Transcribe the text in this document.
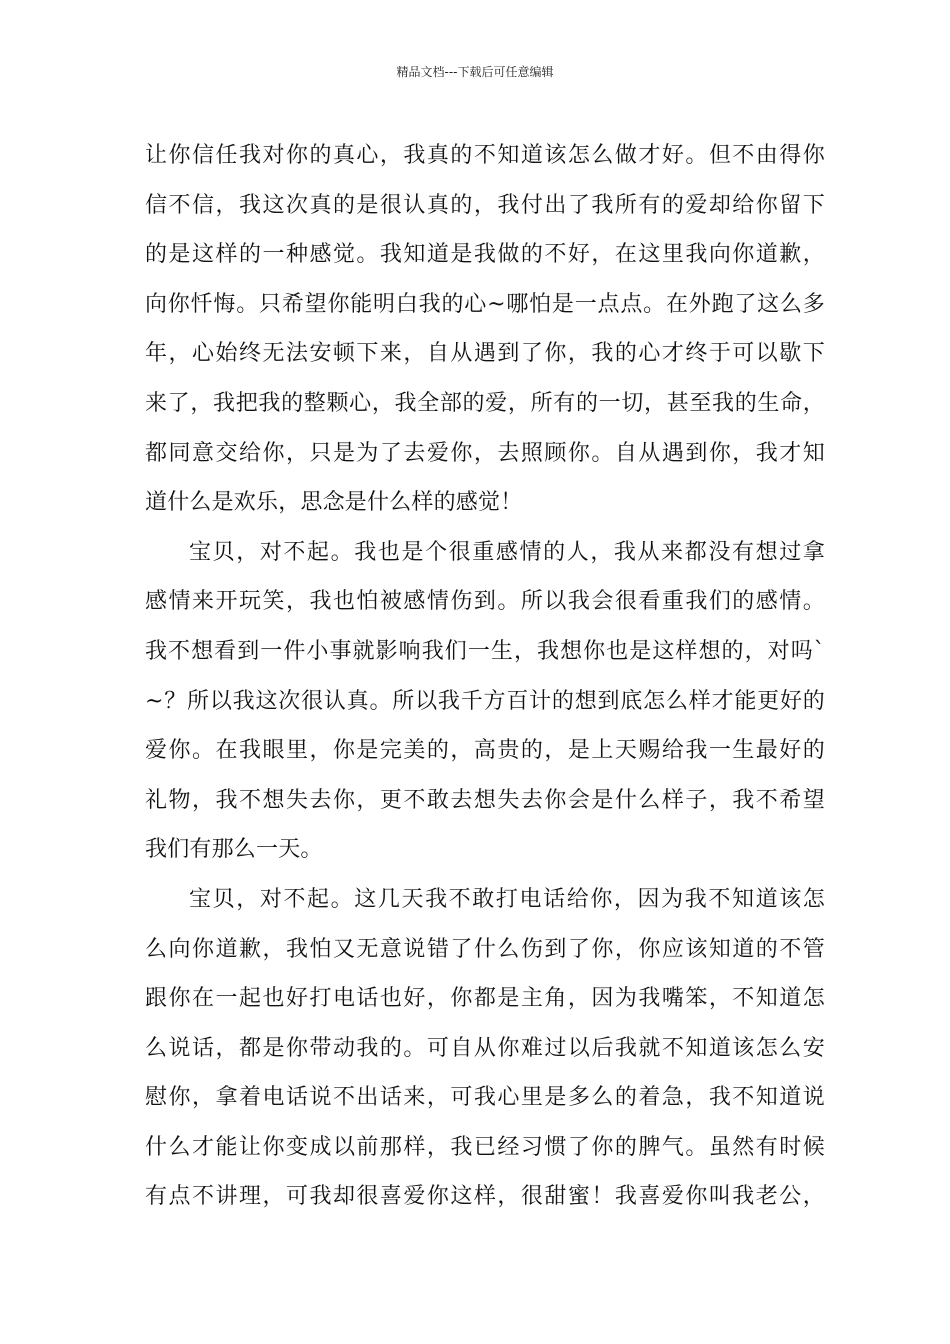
精品文档---下载后可任意编辑
让你信任我对你的真心，我真的不知道该怎么做才好。但不由得你
信不信，我这次真的是很认真的，我付出了我所有的爱却给你留下
的是这样的一种感觉。我知道是我做的不好，在这里我向你道歉，
向你忏悔。只希望你能明白我的心~哪怕是一点点。在外跑了这么多
年，心始终无法安顿下来，自从遇到了你，我的心才终于可以歇下
来了，我把我的整颗心，我全部的爱，所有的一切，甚至我的生命，
都同意交给你，只是为了去爱你，去照顾你。自从遇到你，我才知
道什么是欢乐，思念是什么样的感觉！
宝贝，对不起。我也是个很重感情的人，我从来都没有想过拿
感情来开玩笑，我也怕被感情伤到。所以我会很看重我们的感情。
我不想看到一件小事就影响我们一生，我想你也是这样想的，对吗`
~？所以我这次很认真。所以我千方百计的想到底怎么样才能更好的
爱你。在我眼里，你是完美的，高贵的，是上天赐给我一生最好的
礼物，我不想失去你，更不敢去想失去你会是什么样子，我不希望
我们有那么一天。
宝贝，对不起。这几天我不敢打电话给你，因为我不知道该怎
么向你道歉，我怕又无意说错了什么伤到了你，你应该知道的不管
跟你在一起也好打电话也好，你都是主角，因为我嘴笨，不知道怎
么说话，都是你带动我的。可自从你难过以后我就不知道该怎么安
慰你，拿着电话说不出话来，可我心里是多么的着急，我不知道说
什么才能让你变成以前那样，我已经习惯了你的脾气。虽然有时候
有点不讲理，可我却很喜爱你这样，很甜蜜！我喜爱你叫我老公，
